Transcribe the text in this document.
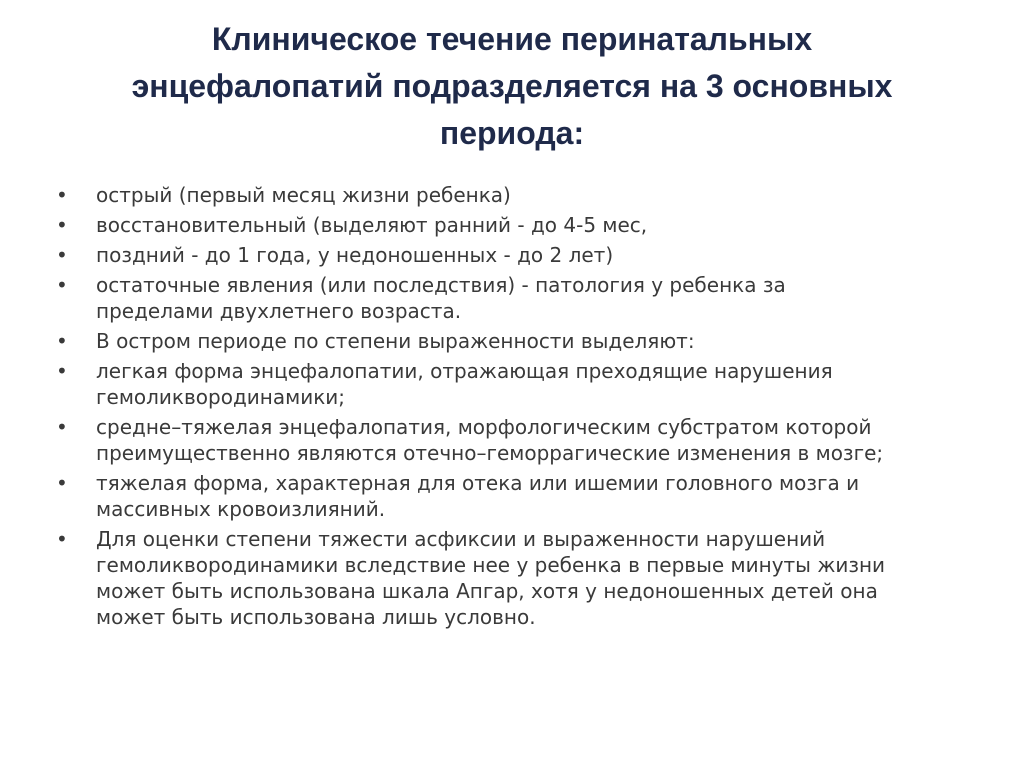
Клиническое течение перинатальных
энцефалопатий подразделяется на 3 основных
периода:
•	острый (первый месяц жизни ребенка)
•	восстановительный (выделяют ранний - до 4-5 мес,
•	поздний - до 1 года, у недоношенных - до 2 лет)
•	остаточные явления (или последствия) - патология у ребенка за
пределами двухлетнего возраста.
•	В остром периоде по степени выраженности выделяют:
•	легкая форма энцефалопатии, отражающая преходящие нарушения
гемоликвородинамики;
•	средне–тяжелая энцефалопатия, морфологическим субстратом которой
преимущественно являются отечно–геморрагические изменения в мозге;
•	тяжелая форма, характерная для отека или ишемии головного мозга и
массивных кровоизлияний.
•	Для оценки степени тяжести асфиксии и выраженности нарушений
гемоликвородинамики вследствие нее у ребенка в первые минуты жизни
может быть использована шкала Апгар, хотя у недоношенных детей она
может быть использована лишь условно.
